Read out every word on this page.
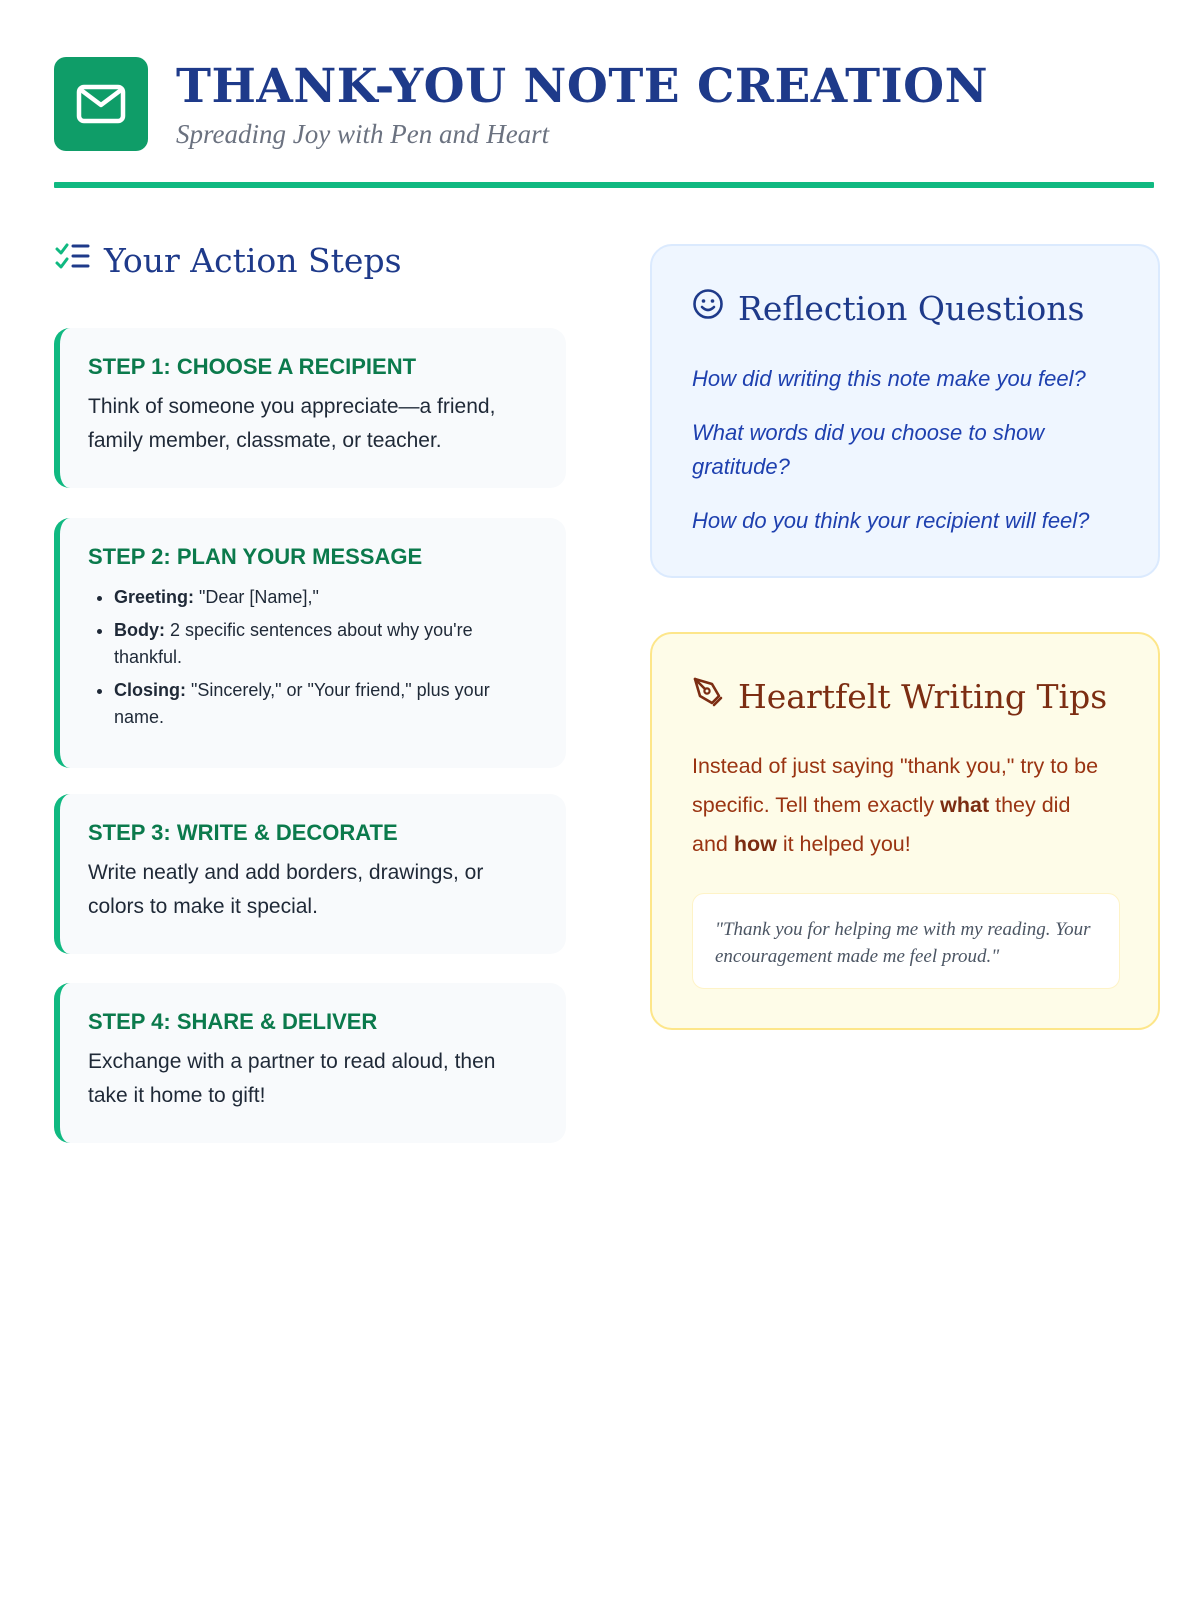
THANK-YOU NOTE CREATION

Spreading Joy with Pen and Heart

Your Action Steps

STEP 1: CHOOSE A RECIPIENT

Think of someone you appreciate—a friend, family member, classmate, or teacher.

STEP 2: PLAN YOUR MESSAGE

• Greeting: "Dear [Name],"
• Body: 2 specific sentences about why you're thankful.
• Closing: "Sincerely," or "Your friend," plus your name.

STEP 3: WRITE & DECORATE

Write neatly and add borders, drawings, or colors to make it special.

STEP 4: SHARE & DELIVER

Exchange with a partner to read aloud, then take it home to gift!

Reflection Questions

How did writing this note make you feel?

What words did you choose to show gratitude?

How do you think your recipient will feel?

Heartfelt Writing Tips

Instead of just saying "thank you," try to be specific. Tell them exactly what they did and how it helped you!

"Thank you for helping me with my reading. Your encouragement made me feel proud."
